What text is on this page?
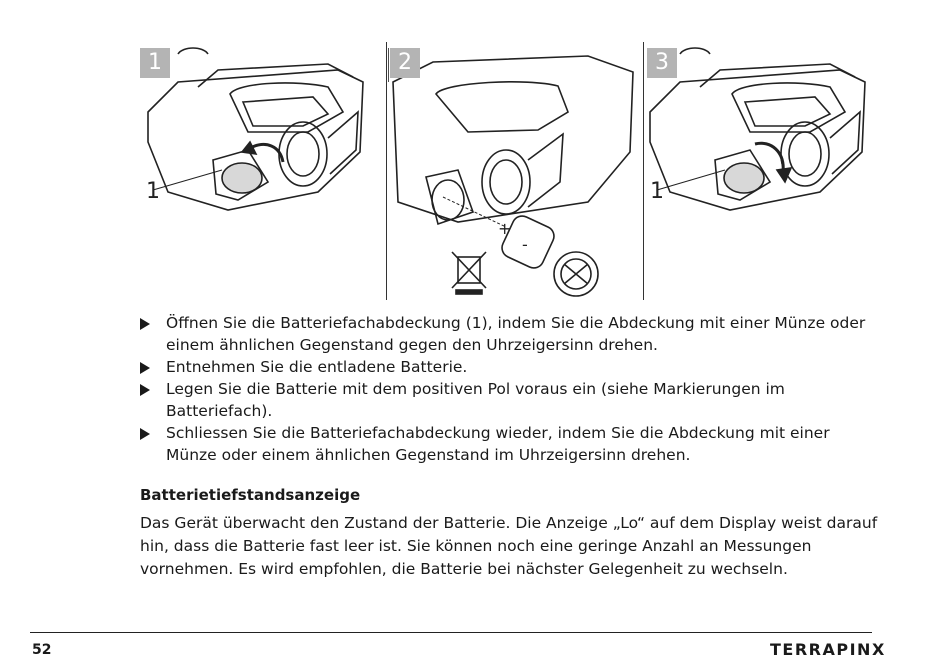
1
1
+
-
2
1
3
Öffnen Sie die Batteriefachabdeckung (1), indem Sie die Abdeckung mit einer Münze oder einem ähnlichen Gegenstand gegen den Uhrzeigersinn drehen.
Entnehmen Sie die entladene Batterie.
Legen Sie die Batterie mit dem positiven Pol voraus ein (siehe Markierungen im Batteriefach).
Schliessen Sie die Batteriefachabdeckung wieder, indem Sie die Abdeckung mit einer Münze oder einem ähnlichen Gegenstand im Uhrzeigersinn drehen.
Batterietiefstandsanzeige
Das Gerät überwacht den Zustand der Batterie. Die Anzeige „Lo“ auf dem Display weist darauf hin, dass die Batterie fast leer ist. Sie können noch eine geringe Anzahl an Messungen vornehmen. Es wird empfohlen, die Batterie bei nächster Gelegenheit zu wechseln.
52	TERRAPINX
